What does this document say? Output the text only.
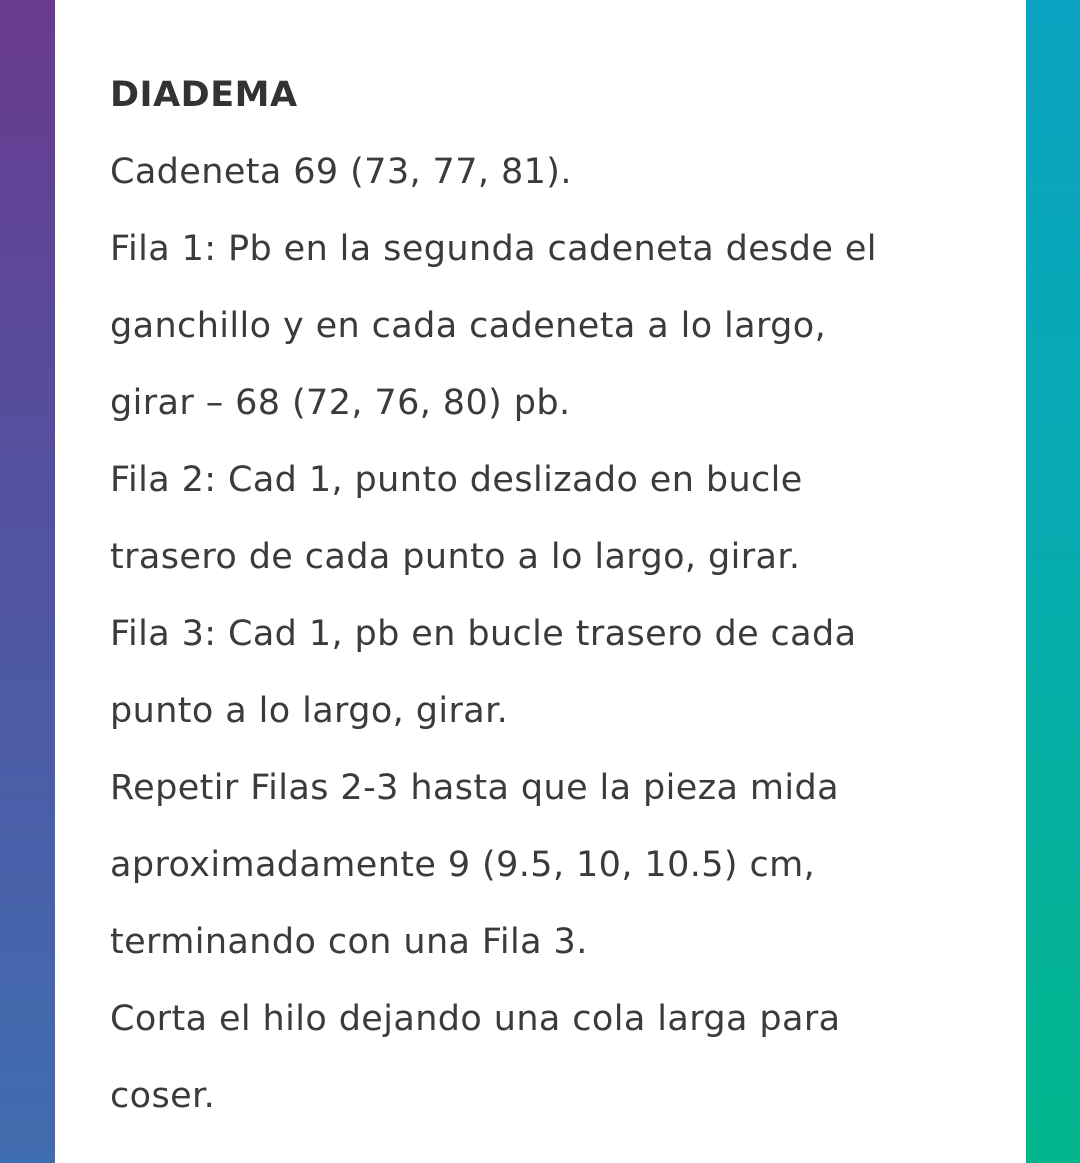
DIADEMA
Cadeneta 69 (73, 77, 81).
Fila 1: Pb en la segunda cadeneta desde el
ganchillo y en cada cadeneta a lo largo,
girar – 68 (72, 76, 80) pb.
Fila 2: Cad 1, punto deslizado en bucle
trasero de cada punto a lo largo, girar.
Fila 3: Cad 1, pb en bucle trasero de cada
punto a lo largo, girar.
Repetir Filas 2-3 hasta que la pieza mida
aproximadamente 9 (9.5, 10, 10.5) cm,
terminando con una Fila 3.
Corta el hilo dejando una cola larga para
coser.
